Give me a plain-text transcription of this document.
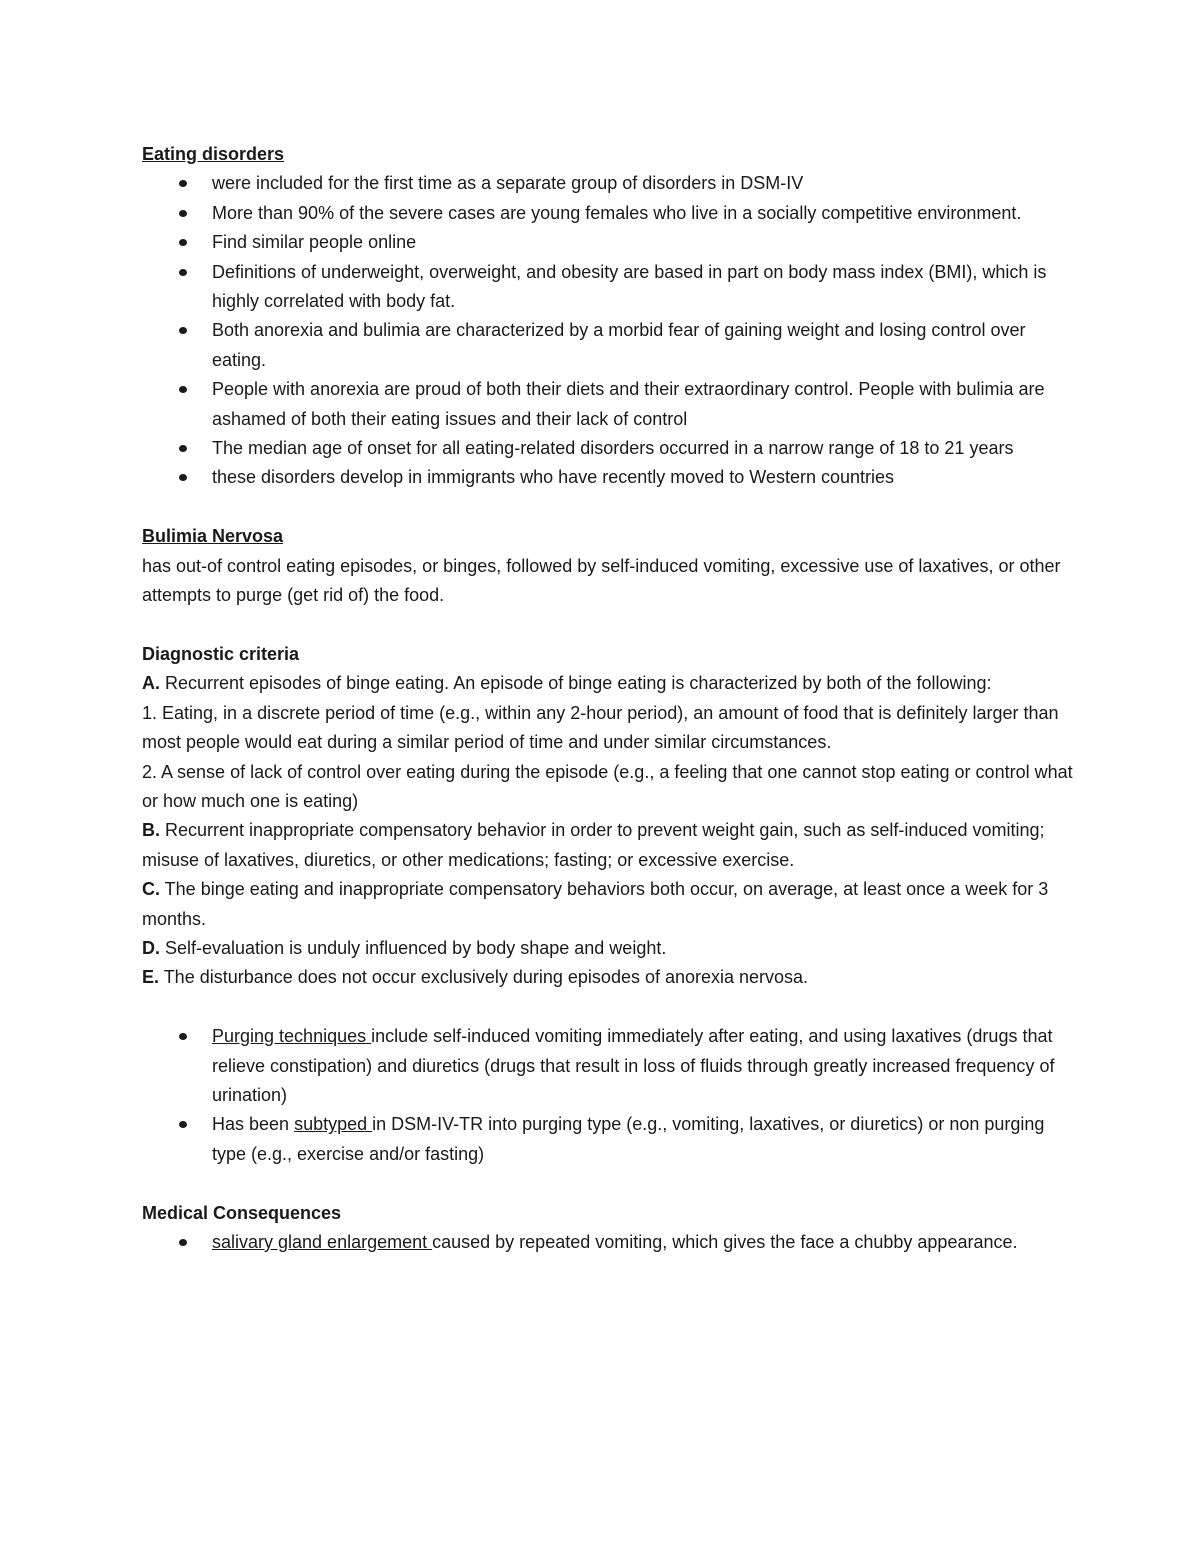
Eating disorders
were included for the first time as a separate group of disorders in DSM-IV
More than 90% of the severe cases are young females who live in a socially competitive environment.
Find similar people online
Definitions of underweight, overweight, and obesity are based in part on body mass index (BMI), which is highly correlated with body fat.
Both anorexia and bulimia are characterized by a morbid fear of gaining weight and losing control over eating.
People with anorexia are proud of both their diets and their extraordinary control. People with bulimia are ashamed of both their eating issues and their lack of control
The median age of onset for all eating-related disorders occurred in a narrow range of 18 to 21 years
these disorders develop in immigrants who have recently moved to Western countries
Bulimia Nervosa

has out-of control eating episodes, or binges, followed by self-induced vomiting, excessive use of laxatives, or other attempts to purge (get rid of) the food.

Diagnostic criteria

A. Recurrent episodes of binge eating. An episode of binge eating is characterized by both of the following:

1. Eating, in a discrete period of time (e.g., within any 2-hour period), an amount of food that is definitely larger than most people would eat during a similar period of time and under similar circumstances.

2. A sense of lack of control over eating during the episode (e.g., a feeling that one cannot stop eating or control what or how much one is eating)

B. Recurrent inappropriate compensatory behavior in order to prevent weight gain, such as self-induced vomiting; misuse of laxatives, diuretics, or other medications; fasting; or excessive exercise.

C. The binge eating and inappropriate compensatory behaviors both occur, on average, at least once a week for 3 months.

D. Self-evaluation is unduly influenced by body shape and weight.

E. The disturbance does not occur exclusively during episodes of anorexia nervosa.

Purging techniques include self-induced vomiting immediately after eating, and using laxatives (drugs that relieve constipation) and diuretics (drugs that result in loss of fluids through greatly increased frequency of urination)
Has been subtyped in DSM-IV-TR into purging type (e.g., vomiting, laxatives, or diuretics) or non purging type (e.g., exercise and/or fasting)
Medical Consequences
salivary gland enlargement caused by repeated vomiting, which gives the face a chubby appearance.
